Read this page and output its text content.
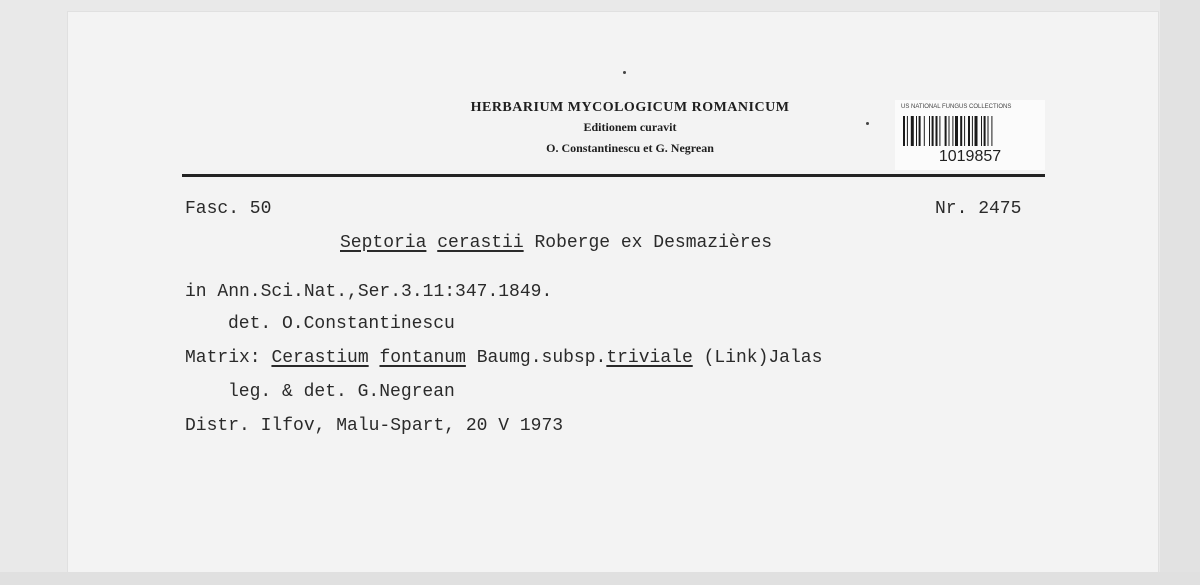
HERBARIUM MYCOLOGICUM ROMANICUM
Editionem curavit
O. Constantinescu et G. Negrean
US NATIONAL FUNGUS COLLECTIONS
1019857
Fasc. 50	Nr. 2475
Septoria cerastii Roberge ex Desmazières
in Ann.Sci.Nat.,Ser.3.11:347.1849.
det. O.Constantinescu
Matrix: Cerastium fontanum Baumg.subsp.triviale (Link)Jalas
leg. & det. G.Negrean
Distr. Ilfov, Malu-Spart, 20 V 1973
